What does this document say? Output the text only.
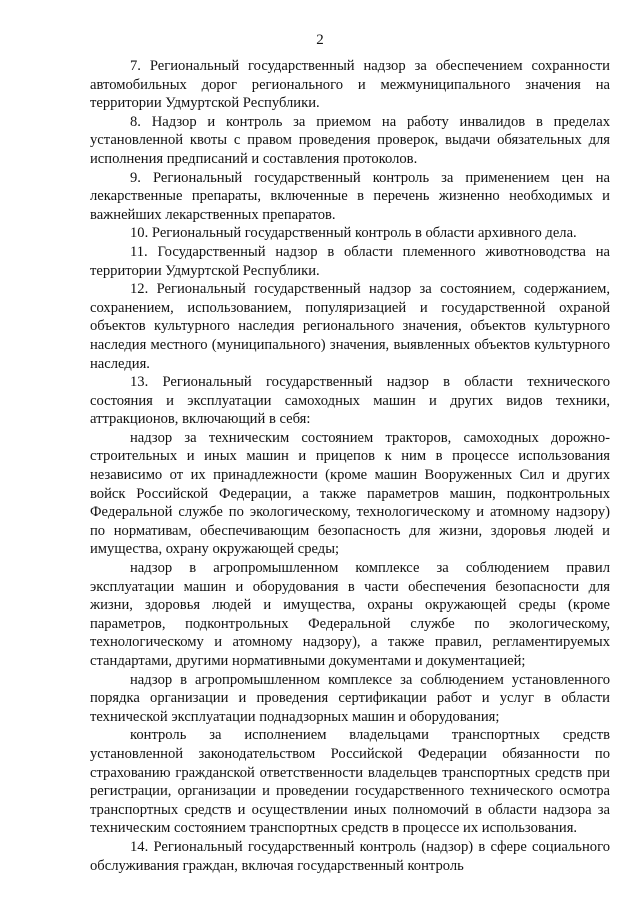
2

7. Региональный государственный надзор за обеспечением сохранности автомобильных дорог регионального и межмуниципального значения на территории Удмуртской Республики.

8. Надзор и контроль за приемом на работу инвалидов в пределах установленной квоты с правом проведения проверок, выдачи обязательных для исполнения предписаний и составления протоколов.

9. Региональный государственный контроль за применением цен на лекарственные препараты, включенные в перечень жизненно необходимых и важнейших лекарственных препаратов.

10. Региональный государственный контроль в области архивного дела.

11. Государственный надзор в области племенного животноводства на территории Удмуртской Республики.

12. Региональный государственный надзор за состоянием, содержанием, сохранением, использованием, популяризацией и государственной охраной объектов культурного наследия регионального значения, объектов культурного наследия местного (муниципального) значения, выявленных объектов культурного наследия.

13. Региональный государственный надзор в области технического состояния и эксплуатации самоходных машин и других видов техники, аттракционов, включающий в себя:

надзор за техническим состоянием тракторов, самоходных дорожно-строительных и иных машин и прицепов к ним в процессе использования независимо от их принадлежности (кроме машин Вооруженных Сил и других войск Российской Федерации, а также параметров машин, подконтрольных Федеральной службе по экологическому, технологическому и атомному надзору) по нормативам, обеспечивающим безопасность для жизни, здоровья людей и имущества, охрану окружающей среды;

надзор в агропромышленном комплексе за соблюдением правил эксплуатации машин и оборудования в части обеспечения безопасности для жизни, здоровья людей и имущества, охраны окружающей среды (кроме параметров, подконтрольных Федеральной службе по экологическому, технологическому и атомному надзору), а также правил, регламентируемых стандартами, другими нормативными документами и документацией;

надзор в агропромышленном комплексе за соблюдением установленного порядка организации и проведения сертификации работ и услуг в области технической эксплуатации поднадзорных машин и оборудования;

контроль за исполнением владельцами транспортных средств установленной законодательством Российской Федерации обязанности по страхованию гражданской ответственности владельцев транспортных средств при регистрации, организации и проведении государственного технического осмотра транспортных средств и осуществлении иных полномочий в области надзора за техническим состоянием транспортных средств в процессе их использования.

14. Региональный государственный контроль (надзор) в сфере социального обслуживания граждан, включая государственный контроль
